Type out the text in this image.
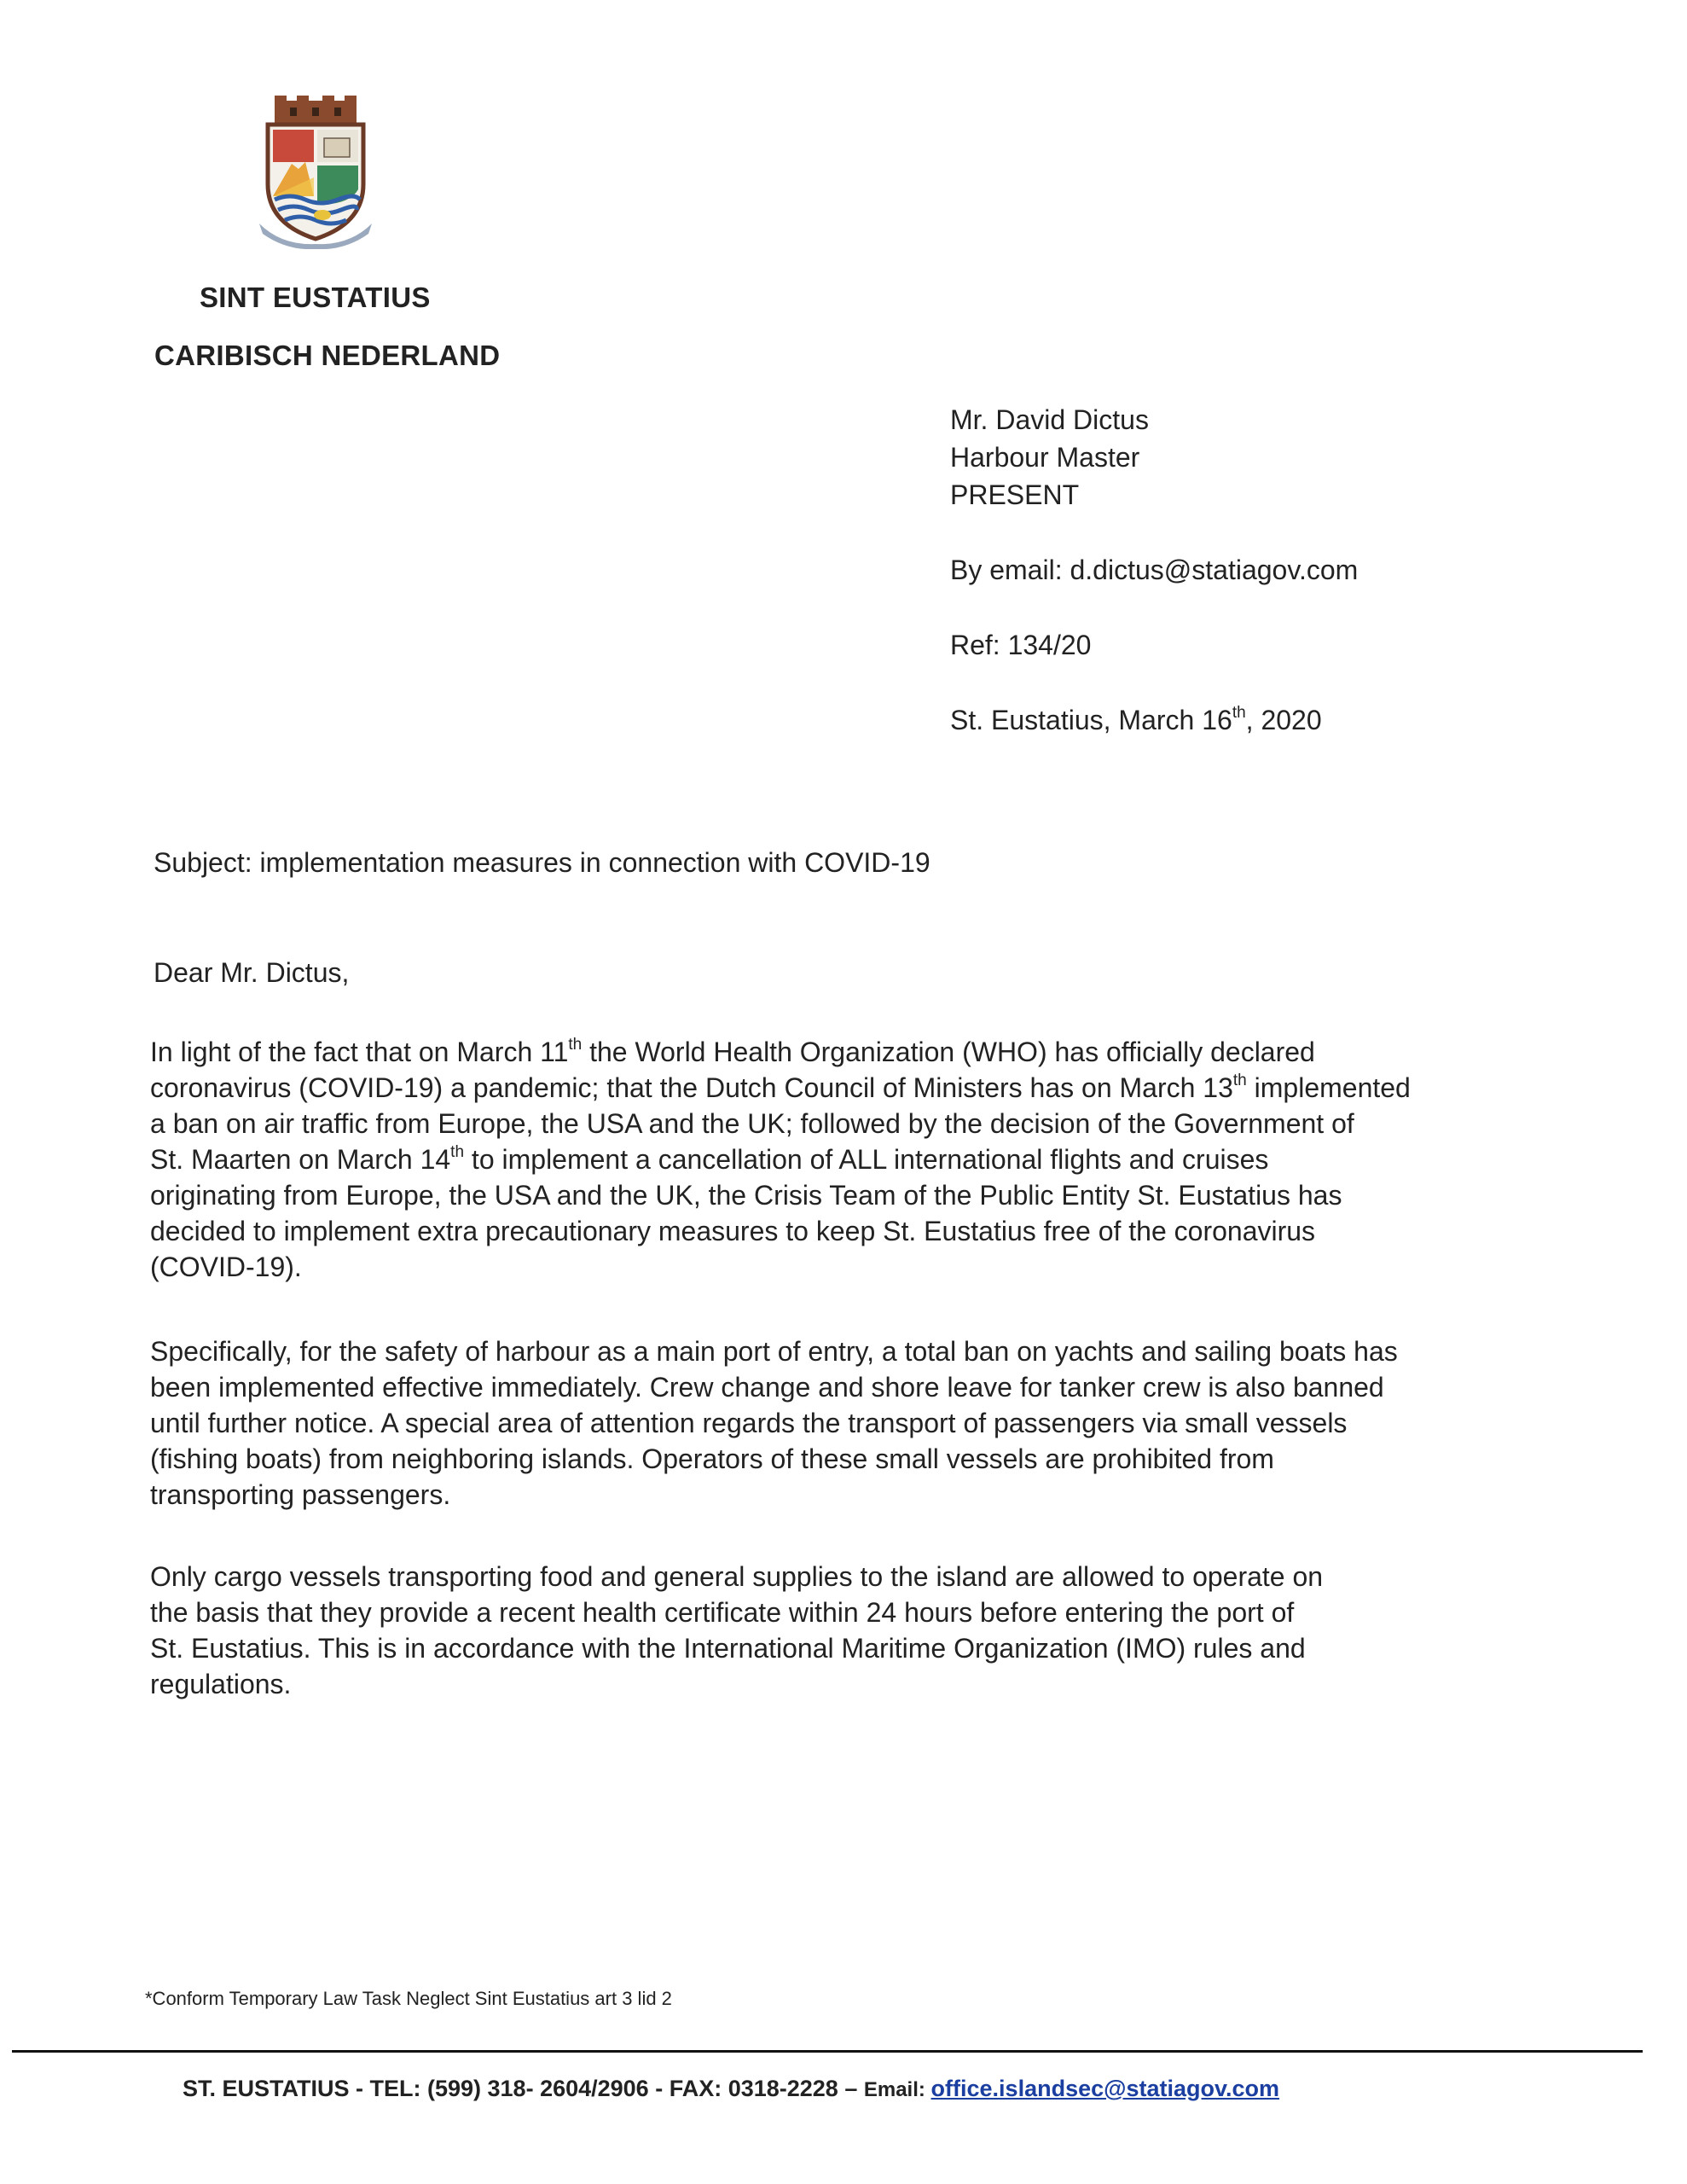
SINT EUSTATIUS
CARIBISCH NEDERLAND
Mr. David Dictus
Harbour Master
PRESENT
By email: d.dictus@statiagov.com
Ref: 134/20
St. Eustatius, March 16th, 2020
Subject: implementation measures in connection with COVID-19
Dear Mr. Dictus,
In light of the fact that on March 11th the World Health Organization (WHO) has officially declared
coronavirus (COVID-19) a pandemic; that the Dutch Council of Ministers has on March 13th implemented
a ban on air traffic from Europe, the USA and the UK; followed by the decision of the Government of
St. Maarten on March 14th to implement a cancellation of ALL international flights and cruises
originating from Europe, the USA and the UK, the Crisis Team of the Public Entity St. Eustatius has
decided to implement extra precautionary measures to keep St. Eustatius free of the coronavirus
(COVID-19).
Specifically, for the safety of harbour as a main port of entry, a total ban on yachts and sailing boats has
been implemented effective immediately. Crew change and shore leave for tanker crew is also banned
until further notice. A special area of attention regards the transport of passengers via small vessels
(fishing boats) from neighboring islands. Operators of these small vessels are prohibited from
transporting passengers.
Only cargo vessels transporting food and general supplies to the island are allowed to operate on
the basis that they provide a recent health certificate within 24 hours before entering the port of
St. Eustatius. This is in accordance with the International Maritime Organization (IMO) rules and
regulations.
*Conform Temporary Law Task Neglect Sint Eustatius art 3 lid 2
ST. EUSTATIUS - TEL: (599) 318- 2604/2906 - FAX: 0318-2228 – Email: office.islandsec@statiagov.com
